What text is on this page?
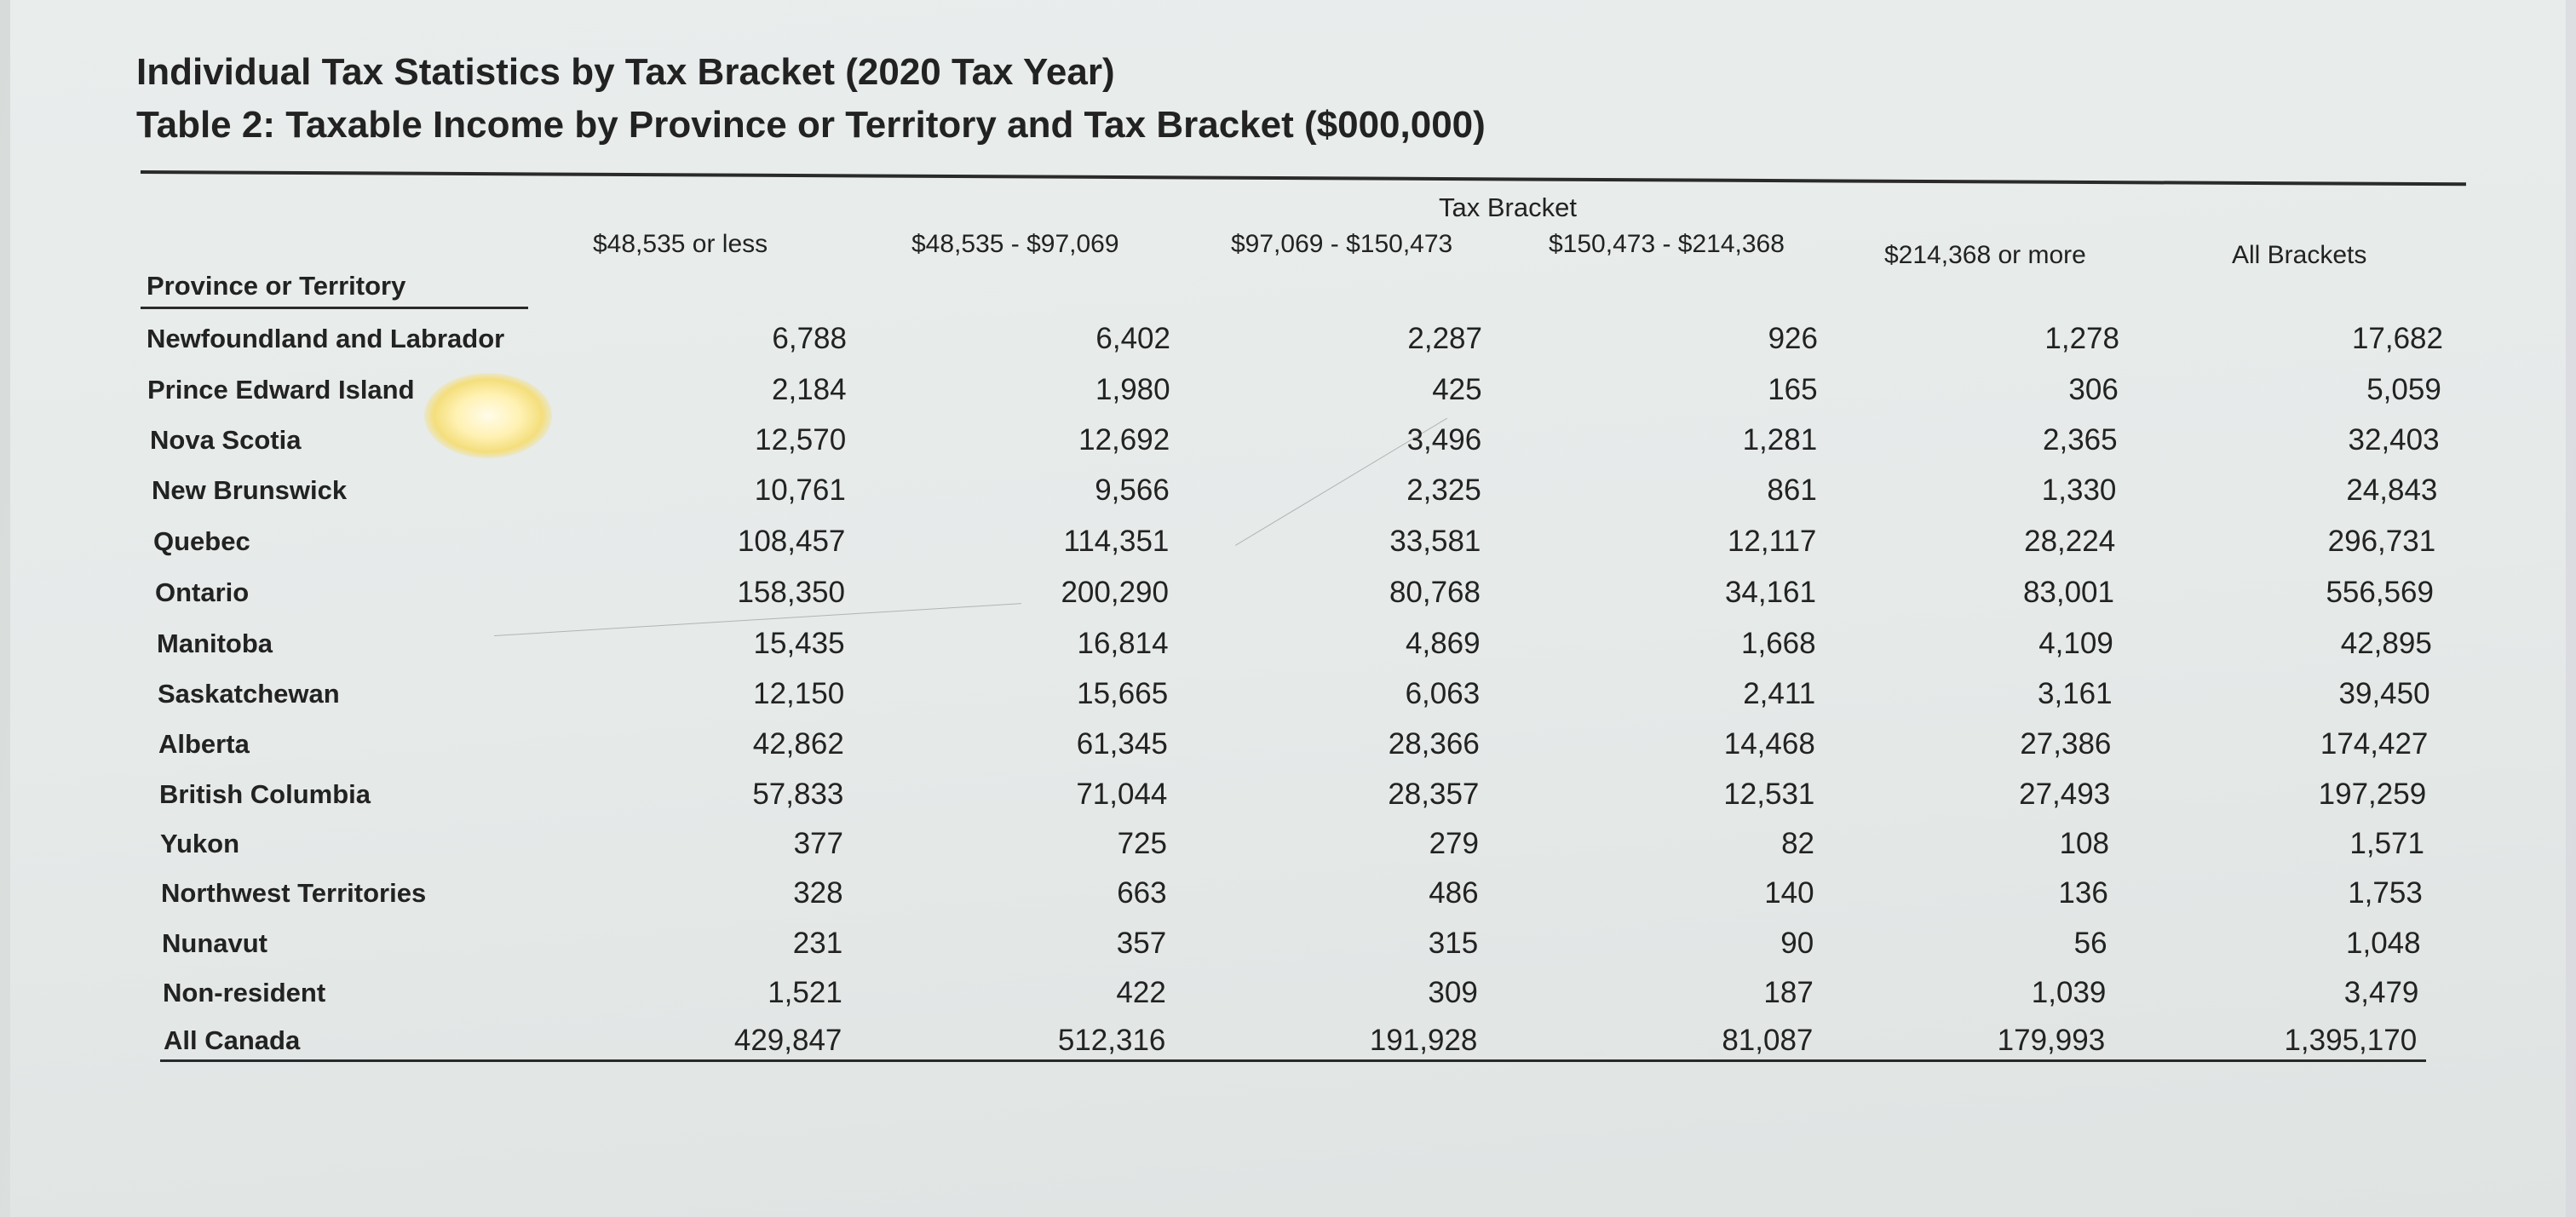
Individual Tax Statistics by Tax Bracket (2020 Tax Year)
Table 2: Taxable Income by Province or Territory and Tax Bracket ($000,000)
Tax Bracket
$48,535 or less	$48,535 - $97,069	$97,069 - $150,473	$150,473 - $214,368	$214,368 or more	All Brackets
Province or Territory
Newfoundland and Labrador	6,788	6,402	2,287	926	1,278	17,682
Prince Edward Island	2,184	1,980	425	165	306	5,059
Nova Scotia	12,570	12,692	3,496	1,281	2,365	32,403
New Brunswick	10,761	9,566	2,325	861	1,330	24,843
Quebec	108,457	114,351	33,581	12,117	28,224	296,731
Ontario	158,350	200,290	80,768	34,161	83,001	556,569
Manitoba	15,435	16,814	4,869	1,668	4,109	42,895
Saskatchewan	12,150	15,665	6,063	2,411	3,161	39,450
Alberta	42,862	61,345	28,366	14,468	27,386	174,427
British Columbia	57,833	71,044	28,357	12,531	27,493	197,259
Yukon	377	725	279	82	108	1,571
Northwest Territories	328	663	486	140	136	1,753
Nunavut	231	357	315	90	56	1,048
Non-resident	1,521	422	309	187	1,039	3,479
All Canada	429,847	512,316	191,928	81,087	179,993	1,395,170
